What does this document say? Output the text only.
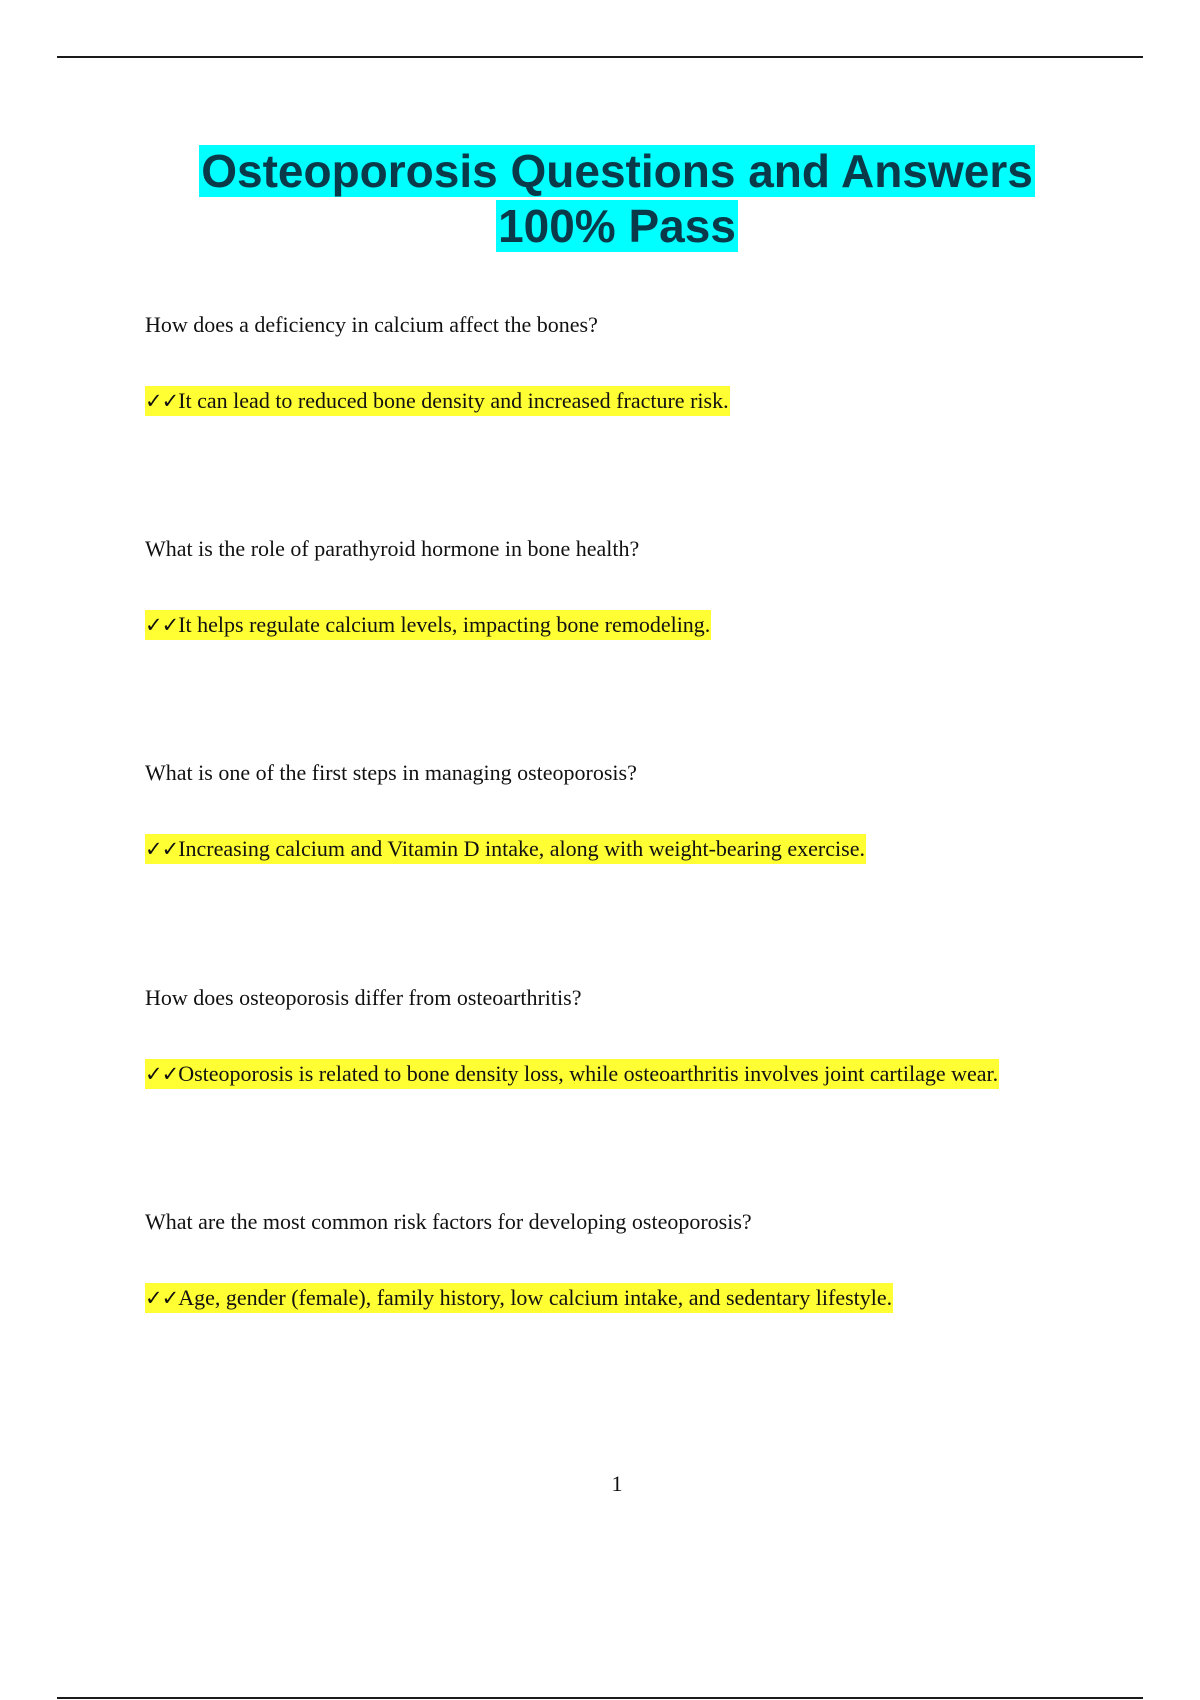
Osteoporosis Questions and Answers
100% Pass

How does a deficiency in calcium affect the bones?

✓✓It can lead to reduced bone density and increased fracture risk.

What is the role of parathyroid hormone in bone health?

✓✓It helps regulate calcium levels, impacting bone remodeling.

What is one of the first steps in managing osteoporosis?

✓✓Increasing calcium and Vitamin D intake, along with weight-bearing exercise.

How does osteoporosis differ from osteoarthritis?

✓✓Osteoporosis is related to bone density loss, while osteoarthritis involves joint cartilage wear.

What are the most common risk factors for developing osteoporosis?

✓✓Age, gender (female), family history, low calcium intake, and sedentary lifestyle.
1
